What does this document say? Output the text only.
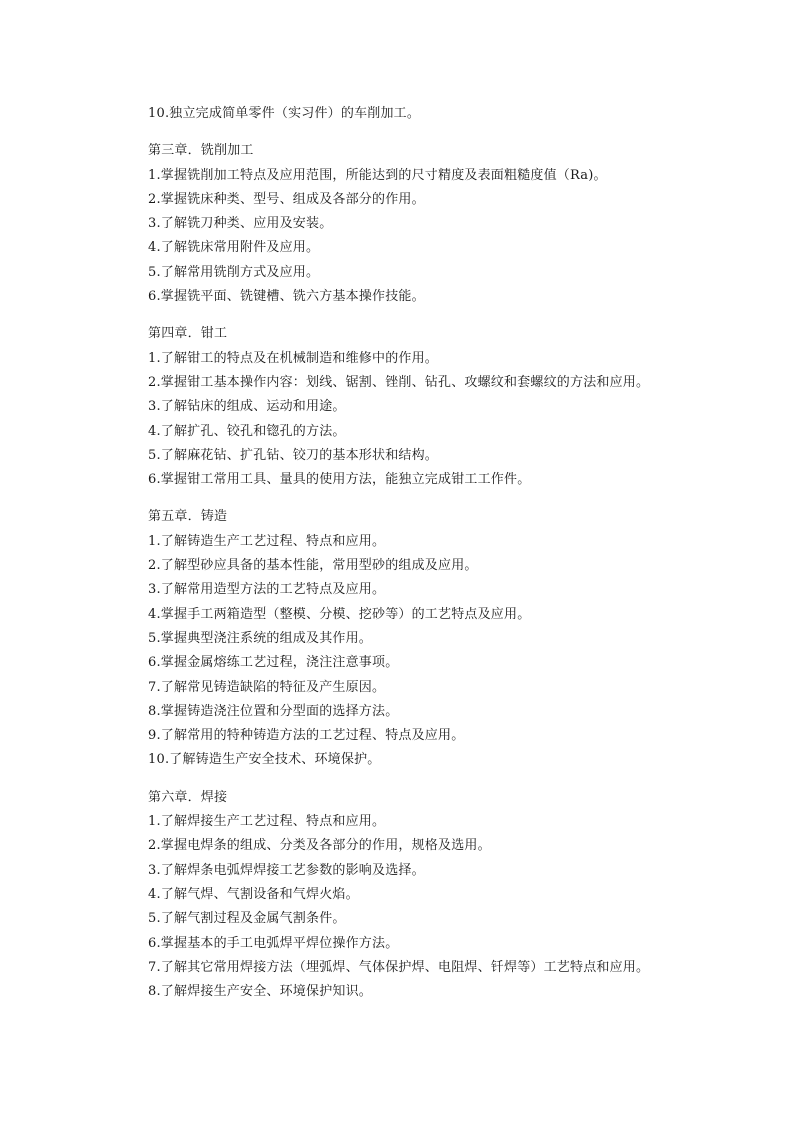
10.独立完成简单零件（实习件）的车削加工。
第三章．铣削加工
1.掌握铣削加工特点及应用范围，所能达到的尺寸精度及表面粗糙度值（Ra)。
2.掌握铣床种类、型号、组成及各部分的作用。
3.了解铣刀种类、应用及安装。
4.了解铣床常用附件及应用。
5.了解常用铣削方式及应用。
6.掌握铣平面、铣键槽、铣六方基本操作技能。
第四章．钳工
1.了解钳工的特点及在机械制造和维修中的作用。
2.掌握钳工基本操作内容：划线、锯割、锉削、钻孔、攻螺纹和套螺纹的方法和应用。
3.了解钻床的组成、运动和用途。
4.了解扩孔、铰孔和锪孔的方法。
5.了解麻花钻、扩孔钻、铰刀的基本形状和结构。
6.掌握钳工常用工具、量具的使用方法，能独立完成钳工工作件。
第五章．铸造
1.了解铸造生产工艺过程、特点和应用。
2.了解型砂应具备的基本性能，常用型砂的组成及应用。
3.了解常用造型方法的工艺特点及应用。
4.掌握手工两箱造型（整模、分模、挖砂等）的工艺特点及应用。
5.掌握典型浇注系统的组成及其作用。
6.掌握金属熔练工艺过程，浇注注意事项。
7.了解常见铸造缺陷的特征及产生原因。
8.掌握铸造浇注位置和分型面的选择方法。
9.了解常用的特种铸造方法的工艺过程、特点及应用。
10.了解铸造生产安全技术、环境保护。
第六章．焊接
1.了解焊接生产工艺过程、特点和应用。
2.掌握电焊条的组成、分类及各部分的作用，规格及选用。
3.了解焊条电弧焊焊接工艺参数的影响及选择。
4.了解气焊、气割设备和气焊火焰。
5.了解气割过程及金属气割条件。
6.掌握基本的手工电弧焊平焊位操作方法。
7.了解其它常用焊接方法（埋弧焊、气体保护焊、电阻焊、钎焊等）工艺特点和应用。
8.了解焊接生产安全、环境保护知识。
